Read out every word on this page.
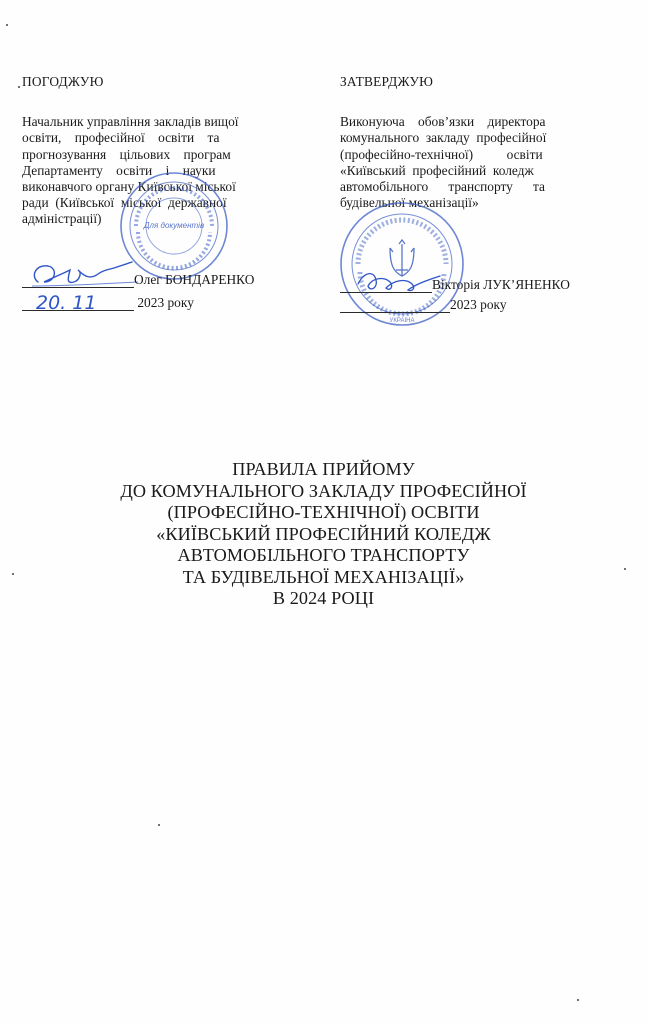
ПОГОДЖУЮ

Начальник управління закладів вищої
освіти,    професійної    освіти    та
прогнозування    цільових    програм
Департаменту    освіти    і    науки
виконавчого органу Київської міської
ради  (Київської  міської  державної
адміністрації)	Для документів
20. 11
Олег БОНДАРЕНКО
2023 року

ЗАТВЕРДЖУЮ

Виконуюча    обов’язки    директора
комунального  закладу  професійної
(професійно-технічної)          освіти
«Київський  професійний  коледж
автомобільного      транспорту      та
будівельної механізації»
УКРАЇНА
Вікторія ЛУК’ЯНЕНКО
2023 року
ПРАВИЛА ПРИЙОМУ
ДО КОМУНАЛЬНОГО ЗАКЛАДУ ПРОФЕСІЙНОЇ
(ПРОФЕСІЙНО-ТЕХНІЧНОЇ) ОСВІТИ
«КИЇВСЬКИЙ ПРОФЕСІЙНИЙ КОЛЕДЖ
АВТОМОБІЛЬНОГО ТРАНСПОРТУ
ТА БУДІВЕЛЬНОЇ МЕХАНІЗАЦІЇ»
В 2024 РОЦІ
